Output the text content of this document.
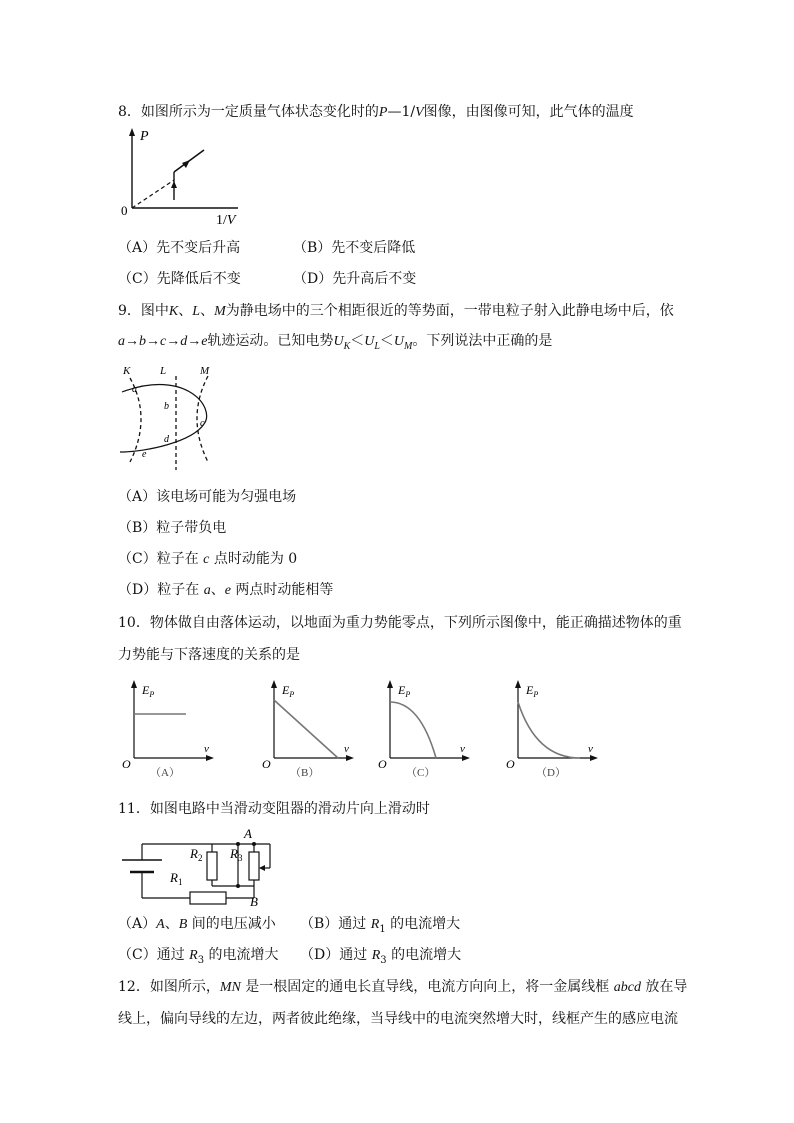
8．如图所示为一定质量气体状态变化时的P—1/V图像，由图像可知，此气体的温度
P
0
1/V
（A）先不变后升高	（B）先不变后降低
（C）先降低后不变	（D）先升高后不变
9．图中K、L、M为静电场中的三个相距很近的等势面，一带电粒子射入此静电场中后，依
a→b→c→d→e轨迹运动。已知电势$U_K<U_L<U_M$。下列说法中正确的是
K	L	M
a
b
c
d
e
（A）该电场可能为匀强电场
（B）粒子带负电
（C）粒子在 c 点时动能为 0
（D）粒子在 a、e 两点时动能相等
10．物体做自由落体运动，以地面为重力势能零点，下列所示图像中，能正确描述物体的重
力势能与下落速度的关系的是
$E_P$
v
O
（A）
$E_P$
v
O
（B）
$E_P$
v
O
（C）
$E_P$
v
O
（D）
11．如图电路中当滑动变阻器的滑动片向上滑动时
A
B
$R_2$ $R_3$
$R_1$
（A）A、B 间的电压减小 （B）通过 $R_1$ 的电流增大
（C）通过 $R_3$ 的电流增大 （D）通过 $R_3$ 的电流增大
12．如图所示，MN 是一根固定的通电长直导线，电流方向向上，将一金属线框 abcd 放在导
线上，偏向导线的左边，两者彼此绝缘，当导线中的电流突然增大时，线框产生的感应电流
